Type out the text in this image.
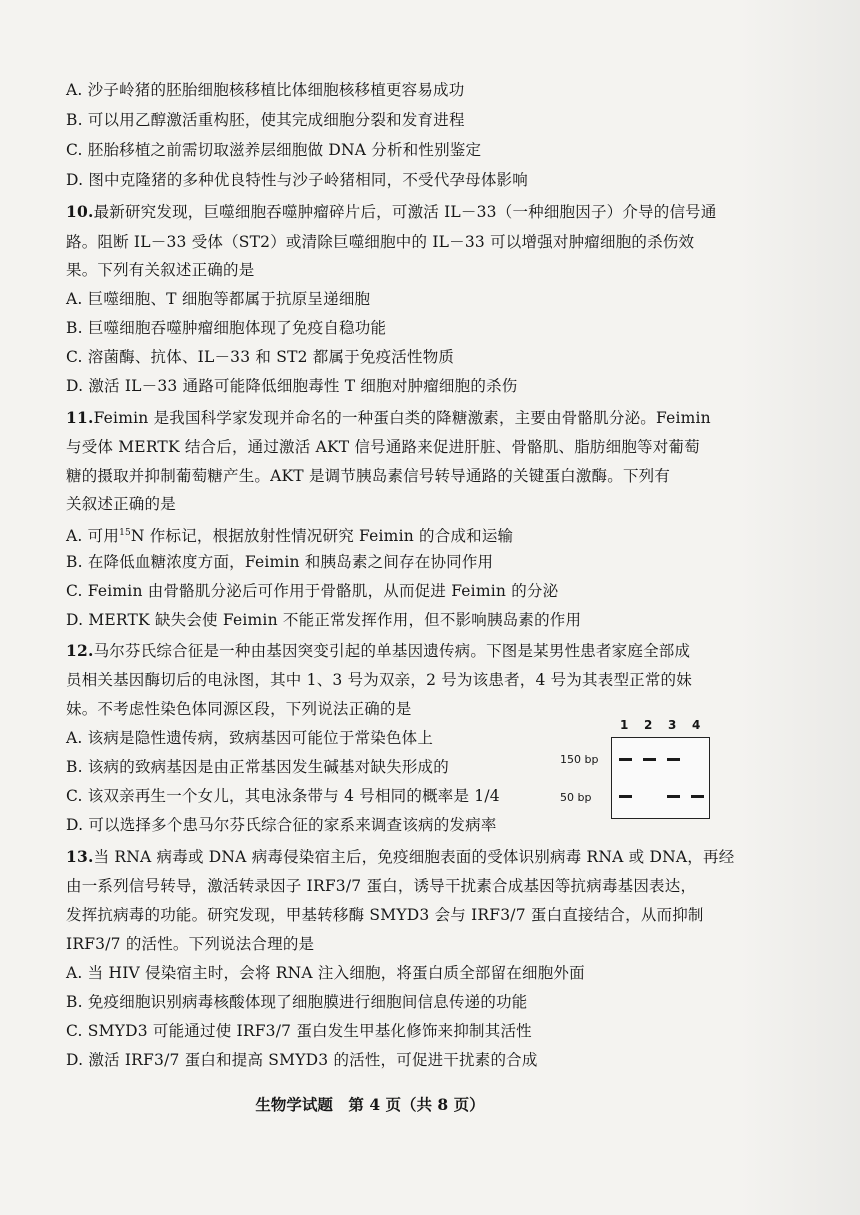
A. 沙子岭猪的胚胎细胞核移植比体细胞核移植更容易成功
B. 可以用乙醇激活重构胚，使其完成细胞分裂和发育进程
C. 胚胎移植之前需切取滋养层细胞做 DNA 分析和性别鉴定
D. 图中克隆猪的多种优良特性与沙子岭猪相同，不受代孕母体影响
10.最新研究发现，巨噬细胞吞噬肿瘤碎片后，可激活 IL－33（一种细胞因子）介导的信号通
路。阻断 IL－33 受体（ST2）或清除巨噬细胞中的 IL－33 可以增强对肿瘤细胞的杀伤效
果。下列有关叙述正确的是
A. 巨噬细胞、T 细胞等都属于抗原呈递细胞
B. 巨噬细胞吞噬肿瘤细胞体现了免疫自稳功能
C. 溶菌酶、抗体、IL－33 和 ST2 都属于免疫活性物质
D. 激活 IL－33 通路可能降低细胞毒性 T 细胞对肿瘤细胞的杀伤
11.Feimin 是我国科学家发现并命名的一种蛋白类的降糖激素，主要由骨骼肌分泌。Feimin
与受体 MERTK 结合后，通过激活 AKT 信号通路来促进肝脏、骨骼肌、脂肪细胞等对葡萄
糖的摄取并抑制葡萄糖产生。AKT 是调节胰岛素信号转导通路的关键蛋白激酶。下列有
关叙述正确的是
A. 可用$^{15}$N 作标记，根据放射性情况研究 Feimin 的合成和运输
B. 在降低血糖浓度方面，Feimin 和胰岛素之间存在协同作用
C. Feimin 由骨骼肌分泌后可作用于骨骼肌，从而促进 Feimin 的分泌
D. MERTK 缺失会使 Feimin 不能正常发挥作用，但不影响胰岛素的作用
12.马尔芬氏综合征是一种由基因突变引起的单基因遗传病。下图是某男性患者家庭全部成
员相关基因酶切后的电泳图，其中 1、3 号为双亲，2 号为该患者，4 号为其表型正常的妹
妹。不考虑性染色体同源区段，下列说法正确的是
A. 该病是隐性遗传病，致病基因可能位于常染色体上
B. 该病的致病基因是由正常基因发生碱基对缺失形成的
C. 该双亲再生一个女儿，其电泳条带与 4 号相同的概率是 1/4
D. 可以选择多个患马尔芬氏综合征的家系来调查该病的发病率
1 2 3 4
150 bp
50 bp
13.当 RNA 病毒或 DNA 病毒侵染宿主后，免疫细胞表面的受体识别病毒 RNA 或 DNA，再经
由一系列信号转导，激活转录因子 IRF3/7 蛋白，诱导干扰素合成基因等抗病毒基因表达，
发挥抗病毒的功能。研究发现，甲基转移酶 SMYD3 会与 IRF3/7 蛋白直接结合，从而抑制
IRF3/7 的活性。下列说法合理的是
A. 当 HIV 侵染宿主时，会将 RNA 注入细胞，将蛋白质全部留在细胞外面
B. 免疫细胞识别病毒核酸体现了细胞膜进行细胞间信息传递的功能
C. SMYD3 可能通过使 IRF3/7 蛋白发生甲基化修饰来抑制其活性
D. 激活 IRF3/7 蛋白和提高 SMYD3 的活性，可促进干扰素的合成
生物学试题　第 4 页（共 8 页）
